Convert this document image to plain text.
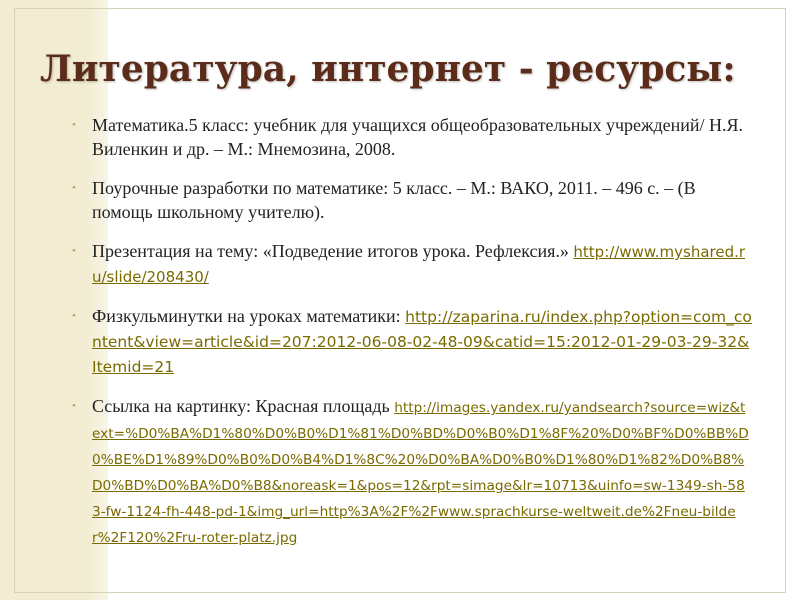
Литература, интернет - ресурсы:
• Математика.5 класс: учебник для учащихся общеобразовательных учреждений/ Н.Я. Виленкин и др. – М.: Мнемозина, 2008.
• Поурочные разработки по математике: 5 класс. – М.: ВАКО, 2011. – 496 с. – (В помощь школьному учителю).
• Презентация на тему: «Подведение итогов урока. Рефлексия.» http://www.myshared.ru/slide/208430/
• Физкульминутки на уроках математики: http://zaparina.ru/index.php?option=com_content&view=article&id=207:2012-06-08-02-48-09&catid=15:2012-01-29-03-29-32&Itemid=21
• Ссылка на картинку: Красная площадь http://images.yandex.ru/yandsearch?source=wiz&text=%D0%BA%D1%80%D0%B0%D1%81%D0%BD%D0%B0%D1%8F%20%D0%BF%D0%BB%D0%BE%D1%89%D0%B0%D0%B4%D1%8C%20%D0%BA%D0%B0%D1%80%D1%82%D0%B8%D0%BD%D0%BA%D0%B8&noreask=1&pos=12&rpt=simage&lr=10713&uinfo=sw-1349-sh-583-fw-1124-fh-448-pd-1&img_url=http%3A%2F%2Fwww.sprachkurse-weltweit.de%2Fneu-bilder%2F120%2Fru-roter-platz.jpg
